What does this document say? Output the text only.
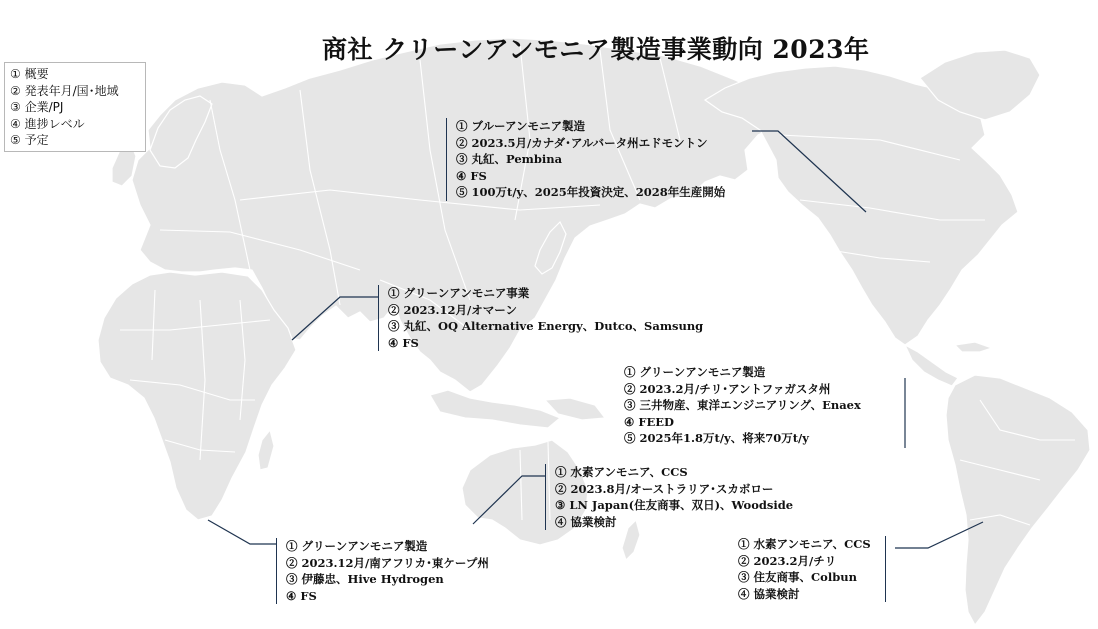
商社 クリーンアンモニア製造事業動向 2023年
① 概要
② 発表年月/国･地域
③ 企業/PJ
④ 進捗レベル
⑤ 予定
① ブルーアンモニア製造
② 2023.5月/カナダ･アルバータ州エドモントン
③ 丸紅、Pembina
④ FS
⑤ 100万t/y、2025年投資決定、2028年生産開始
① グリーンアンモニア事業
② 2023.12月/オマーン
③ 丸紅、OQ Alternative Energy、Dutco、Samsung
④ FS
① グリーンアンモニア製造
② 2023.2月/チリ･アントファガスタ州
③ 三井物産、東洋エンジニアリング、Enaex
④ FEED
⑤ 2025年1.8万t/y、将来70万t/y
① 水素アンモニア、CCS
② 2023.8月/オーストラリア･スカボロー
③ LN Japan(住友商事、双日)、Woodside
④ 協業検討
① グリーンアンモニア製造
② 2023.12月/南アフリカ･東ケープ州
③ 伊藤忠、Hive Hydrogen
④ FS
① 水素アンモニア、CCS
② 2023.2月/チリ
③ 住友商事、Colbun
④ 協業検討
